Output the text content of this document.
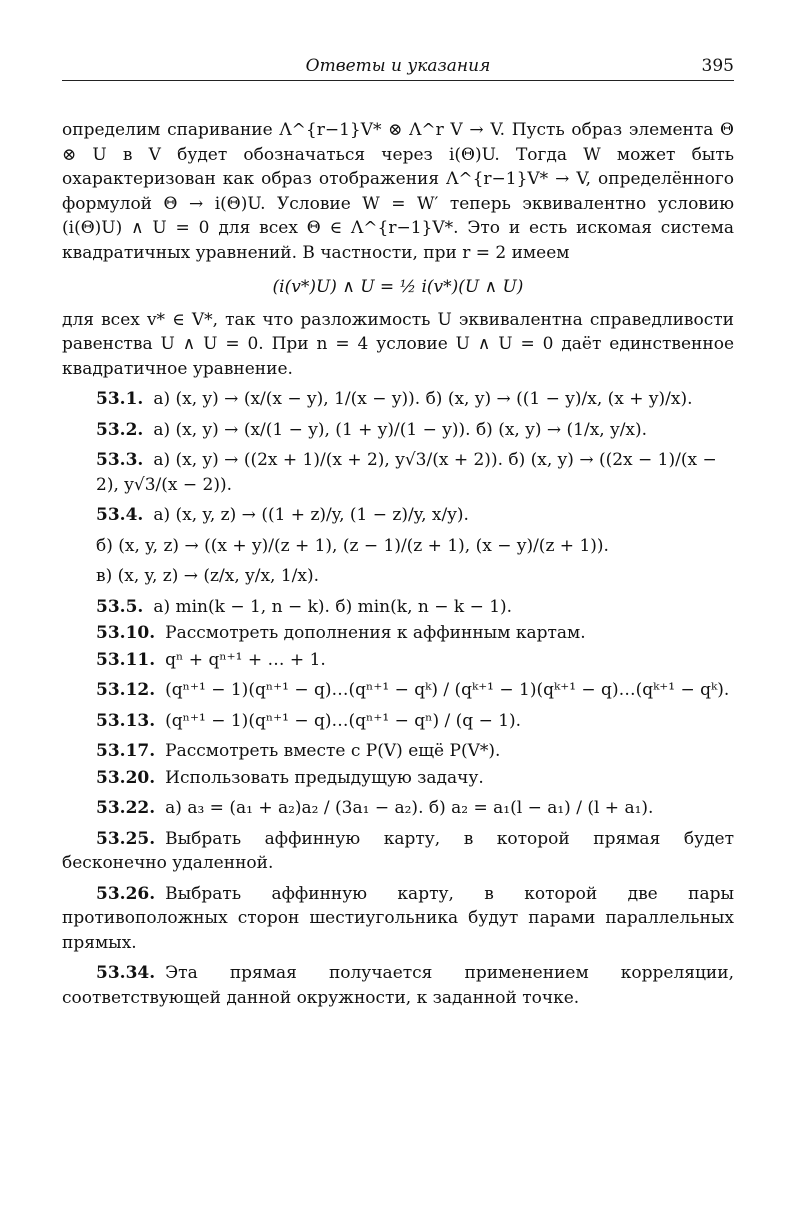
Ответы и указания	395

определим спаривание Λ^{r−1}V* ⊗ Λ^r V → V. Пусть образ элемента Θ ⊗ U в V будет обозначаться через i(Θ)U. Тогда W может быть охарактеризован как образ отображения Λ^{r−1}V* → V, определённого формулой Θ → i(Θ)U. Условие W = W′ теперь эквивалентно условию (i(Θ)U) ∧ U = 0 для всех Θ ∈ Λ^{r−1}V*. Это и есть искомая система квадратичных уравнений. В частности, при r = 2 имеем

(i(v*)U) ∧ U = ½ i(v*)(U ∧ U)

для всех v* ∈ V*, так что разложимость U эквивалентна справедливости равенства U ∧ U = 0. При n = 4 условие U ∧ U = 0 даёт единственное квадратичное уравнение.

53.1. а) (x, y) → (x/(x − y), 1/(x − y)). б) (x, y) → ((1 − y)/x, (x + y)/x).
53.2. а) (x, y) → (x/(1 − y), (1 + y)/(1 − y)). б) (x, y) → (1/x, y/x).
53.3. а) (x, y) → ((2x + 1)/(x + 2), y√3/(x + 2)). б) (x, y) → ((2x − 1)/(x − 2), y√3/(x − 2)).
53.4. а) (x, y, z) → ((1 + z)/y, (1 − z)/y, x/y).
б) (x, y, z) → ((x + y)/(z + 1), (z − 1)/(z + 1), (x − y)/(z + 1)).
в) (x, y, z) → (z/x, y/x, 1/x).
53.5. а) min(k − 1, n − k). б) min(k, n − k − 1).
53.10. Рассмотреть дополнения к аффинным картам.
53.11. qⁿ + qⁿ⁺¹ + … + 1.
53.12. (qⁿ⁺¹ − 1)(qⁿ⁺¹ − q)…(qⁿ⁺¹ − qᵏ) / (qᵏ⁺¹ − 1)(qᵏ⁺¹ − q)…(qᵏ⁺¹ − qᵏ).
53.13. (qⁿ⁺¹ − 1)(qⁿ⁺¹ − q)…(qⁿ⁺¹ − qⁿ) / (q − 1).
53.17. Рассмотреть вместе с P(V) ещё P(V*).
53.20. Использовать предыдущую задачу.
53.22. а) a₃ = (a₁ + a₂)a₂ / (3a₁ − a₂). б) a₂ = a₁(l − a₁) / (l + a₁).

53.25. Выбрать аффинную карту, в которой прямая будет бесконечно удаленной.

53.26. Выбрать аффинную карту, в которой две пары противоположных сторон шестиугольника будут парами параллельных прямых.

53.34. Эта прямая получается применением корреляции, соответствующей данной окружности, к заданной точке.
